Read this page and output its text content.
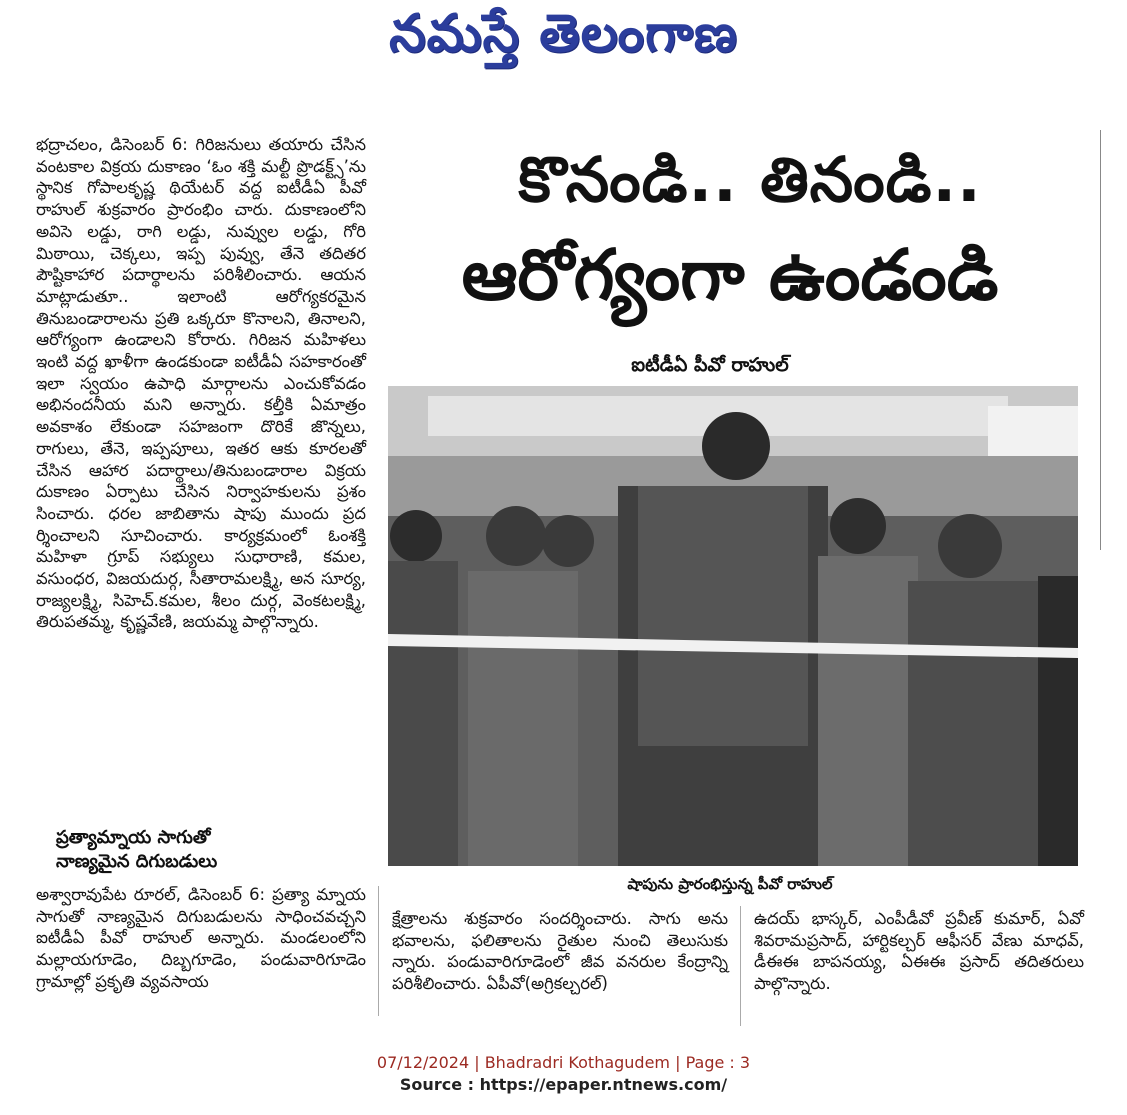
నమస్తే తెలంగాణ
భద్రాచలం, డిసెంబర్ 6: గిరిజనులు తయారు చేసిన వంటకాల విక్రయ దుకాణం ‘ఓం శక్తి మల్టీ ప్రొడక్ట్స్’ను స్థానిక గోపాలకృష్ణ థియేటర్ వద్ద ఐటీడీఏ పీవో రాహుల్ శుక్రవారం ప్రారంభిం చారు. దుకాణంలోని అవిసె లడ్డు, రాగి లడ్డు, నువ్వుల లడ్డు, గోరి మిఠాయి, చెక్కలు, ఇప్ప పువ్వు, తేనె తదితర పౌష్టికాహార పదార్థాలను పరిశీలించారు. ఆయన మాట్లాడుతూ.. ఇలాంటి ఆరోగ్యకరమైన తినుబండారాలను ప్రతి ఒక్కరూ కొనాలని, తినాలని, ఆరోగ్యంగా ఉండాలని కోరారు. గిరిజన మహిళలు ఇంటి వద్ద ఖాళీగా ఉండకుండా ఐటీడీఏ సహకారంతో ఇలా స్వయం ఉపాధి మార్గాలను ఎంచుకోవడం అభినందనీయ మని అన్నారు. కల్తీకి ఏమాత్రం అవకాశం లేకుండా సహజంగా దొరికే జొన్నలు, రాగులు, తేనె, ఇప్పపూలు, ఇతర ఆకు కూరలతో చేసిన ఆహార పదార్థాలు/తినుబండారాల విక్రయ దుకాణం ఏర్పాటు చేసిన నిర్వాహకులను ప్రశం సించారు. ధరల జాబితాను షాపు ముందు ప్రద ర్శించాలని సూచించారు. కార్యక్రమంలో ఓంశక్తి మహిళా గ్రూప్ సభ్యులు సుధారాణి, కమల, వసుంధర, విజయదుర్గ, సీతారామలక్ష్మి, అన సూర్య, రాజ్యలక్ష్మి, సిహెచ్.కమల, శీలం దుర్గ, వెంకటలక్ష్మి, తిరుపతమ్మ, కృష్ణవేణి, జయమ్మ పాల్గొన్నారు.
ప్రత్యామ్నాయ సాగుతో
నాణ్యమైన దిగుబడులు
అశ్వారావుపేట రూరల్, డిసెంబర్ 6: ప్రత్యా మ్నాయ సాగుతో నాణ్యమైన దిగుబడులను సాధించవచ్చని ఐటీడీఏ పీవో రాహుల్ అన్నారు. మండలంలోని మల్లాయగూడెం, దిబ్బగూడెం, పండువారిగూడెం గ్రామాల్లో ప్రకృతి వ్యవసాయ
కొనండి.. తినండి..
ఆరోగ్యంగా ఉండండి
ఐటీడీఏ పీవో రాహుల్
షాపును ప్రారంభిస్తున్న పీవో రాహుల్
క్షేత్రాలను శుక్రవారం సందర్శించారు. సాగు అను భవాలను, ఫలితాలను రైతుల నుంచి తెలుసుకు న్నారు. పండువారిగూడెంలో జీవ వనరుల కేంద్రాన్ని పరిశీలించారు. ఏపీవో(అగ్రికల్చరల్)
ఉదయ్ భాస్కర్, ఎంపీడీవో ప్రవీణ్ కుమార్, ఏవో శివరామప్రసాద్, హార్టికల్చర్ ఆఫీసర్ వేణు మాధవ్, డీఈఈ బాపనయ్య, ఏఈఈ ప్రసాద్ తదితరులు పాల్గొన్నారు.
07/12/2024 | Bhadradri Kothagudem | Page : 3
Source : https://epaper.ntnews.com/
